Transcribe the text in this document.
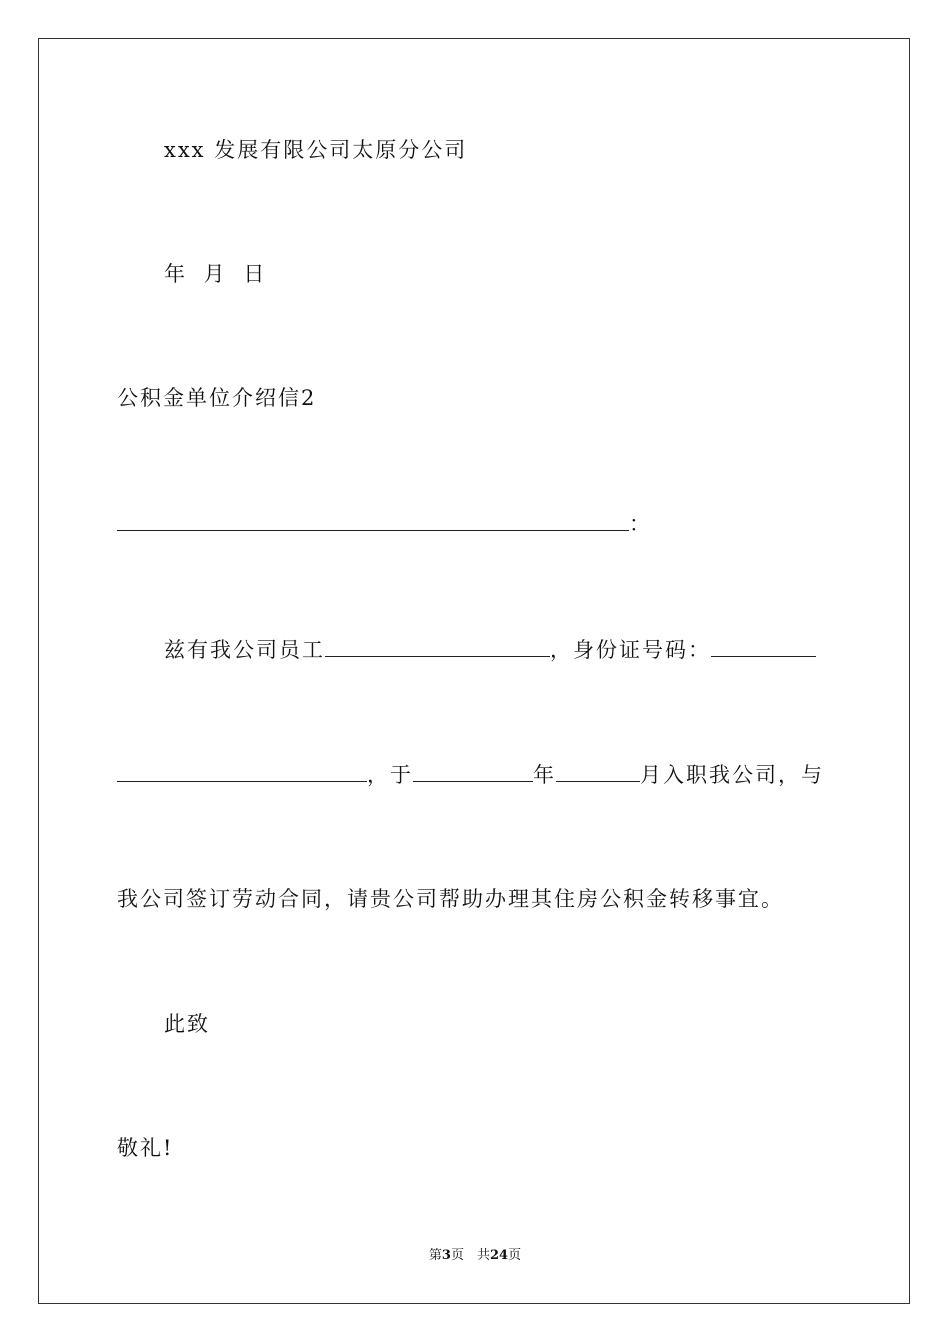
xxx 发展有限公司太原分公司
年 月 日
公积金单位介绍信2
：
兹有我公司员工	，身份证号码：
，于	年	月入职我公司，与
我公司签订劳动合同，请贵公司帮助办理其住房公积金转移事宜。
此致
敬礼!
第3页　共24页
